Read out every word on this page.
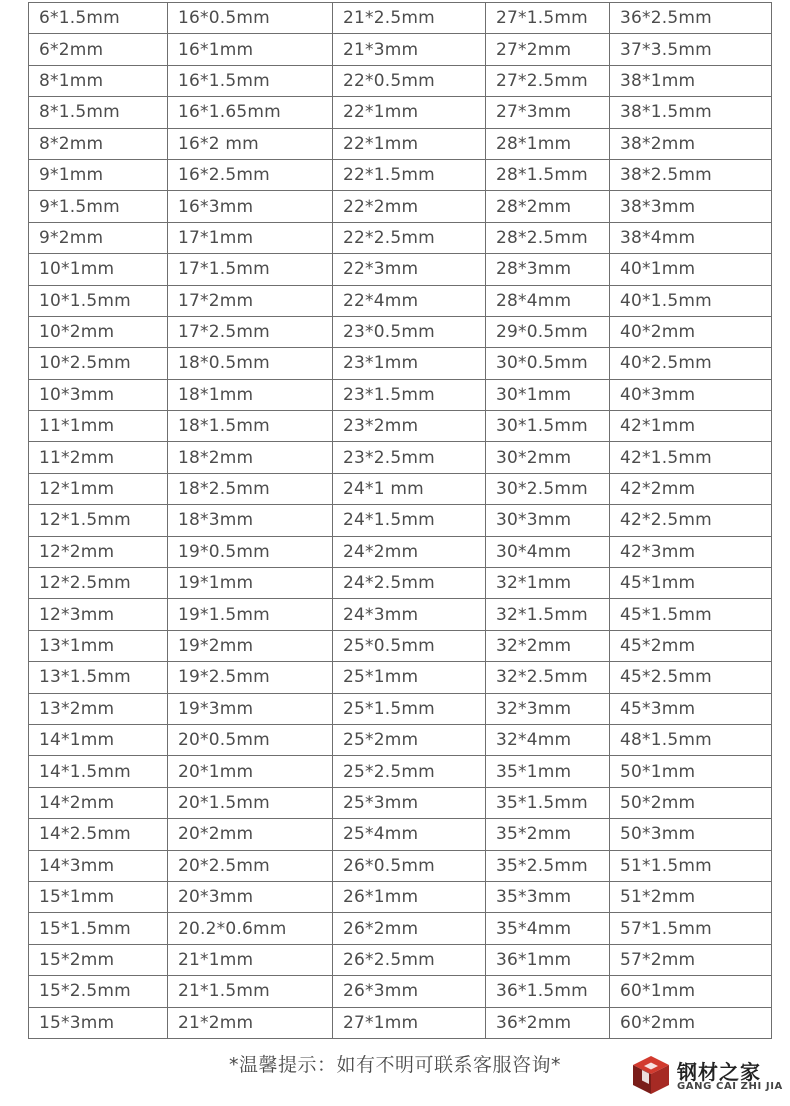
6*1.5mm	16*0.5mm	21*2.5mm	27*1.5mm	36*2.5mm
6*2mm	16*1mm	21*3mm	27*2mm	37*3.5mm
8*1mm	16*1.5mm	22*0.5mm	27*2.5mm	38*1mm
8*1.5mm	16*1.65mm	22*1mm	27*3mm	38*1.5mm
8*2mm	16*2 mm	22*1mm	28*1mm	38*2mm
9*1mm	16*2.5mm	22*1.5mm	28*1.5mm	38*2.5mm
9*1.5mm	16*3mm	22*2mm	28*2mm	38*3mm
9*2mm	17*1mm	22*2.5mm	28*2.5mm	38*4mm
10*1mm	17*1.5mm	22*3mm	28*3mm	40*1mm
10*1.5mm	17*2mm	22*4mm	28*4mm	40*1.5mm
10*2mm	17*2.5mm	23*0.5mm	29*0.5mm	40*2mm
10*2.5mm	18*0.5mm	23*1mm	30*0.5mm	40*2.5mm
10*3mm	18*1mm	23*1.5mm	30*1mm	40*3mm
11*1mm	18*1.5mm	23*2mm	30*1.5mm	42*1mm
11*2mm	18*2mm	23*2.5mm	30*2mm	42*1.5mm
12*1mm	18*2.5mm	24*1 mm	30*2.5mm	42*2mm
12*1.5mm	18*3mm	24*1.5mm	30*3mm	42*2.5mm
12*2mm	19*0.5mm	24*2mm	30*4mm	42*3mm
12*2.5mm	19*1mm	24*2.5mm	32*1mm	45*1mm
12*3mm	19*1.5mm	24*3mm	32*1.5mm	45*1.5mm
13*1mm	19*2mm	25*0.5mm	32*2mm	45*2mm
13*1.5mm	19*2.5mm	25*1mm	32*2.5mm	45*2.5mm
13*2mm	19*3mm	25*1.5mm	32*3mm	45*3mm
14*1mm	20*0.5mm	25*2mm	32*4mm	48*1.5mm
14*1.5mm	20*1mm	25*2.5mm	35*1mm	50*1mm
14*2mm	20*1.5mm	25*3mm	35*1.5mm	50*2mm
14*2.5mm	20*2mm	25*4mm	35*2mm	50*3mm
14*3mm	20*2.5mm	26*0.5mm	35*2.5mm	51*1.5mm
15*1mm	20*3mm	26*1mm	35*3mm	51*2mm
15*1.5mm	20.2*0.6mm	26*2mm	35*4mm	57*1.5mm
15*2mm	21*1mm	26*2.5mm	36*1mm	57*2mm
15*2.5mm	21*1.5mm	26*3mm	36*1.5mm	60*1mm
15*3mm	21*2mm	27*1mm	36*2mm	60*2mm
*温馨提示：如有不明可联系客服咨询*	钢材之家
GANG CAI ZHI JIA
